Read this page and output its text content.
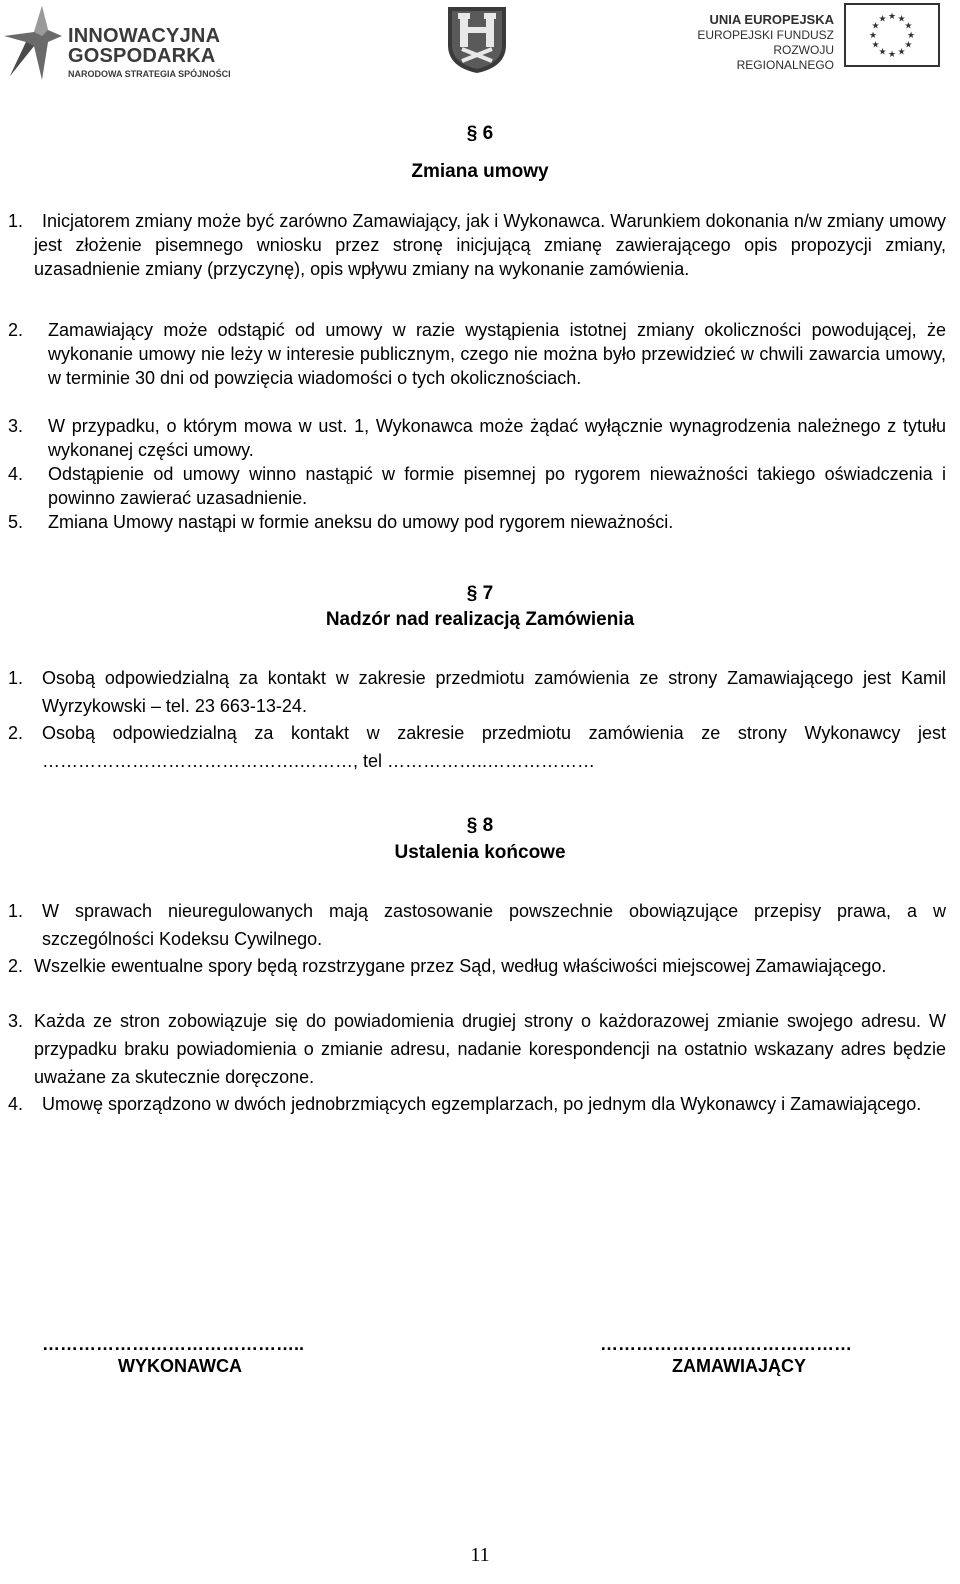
INNOWACYJNA
GOSPODARKA
NARODOWA STRATEGIA SPÓJNOŚCI
UNIA EUROPEJSKA
EUROPEJSKI FUNDUSZ
ROZWOJU REGIONALNEGO
★
★
★
★
★
★
★
★
★ ★ ★
★
§ 6
Zmiana umowy
1.	Inicjatorem zmiany może być zarówno Zamawiający, jak i Wykonawca. Warunkiem dokonania n/w zmiany umowy jest złożenie pisemnego wniosku przez stronę inicjującą zmianę zawierającego opis propozycji zmiany, uzasadnienie zmiany (przyczynę), opis wpływu zmiany na wykonanie zamówienia.
2. Zamawiający może odstąpić od umowy w razie wystąpienia istotnej zmiany okoliczności powodującej, że wykonanie umowy nie leży w interesie publicznym, czego nie można było przewidzieć w chwili zawarcia umowy, w terminie 30 dni od powzięcia wiadomości o tych okolicznościach.
3. W przypadku, o którym mowa w ust. 1, Wykonawca może żądać wyłącznie wynagrodzenia należnego z tytułu wykonanej części umowy.
4. Odstąpienie od umowy winno nastąpić w formie pisemnej po rygorem nieważności takiego oświadczenia i powinno zawierać uzasadnienie.
5. Zmiana Umowy nastąpi w formie aneksu do umowy pod rygorem nieważności.
§ 7
Nadzór nad realizacją Zamówienia
1. Osobą odpowiedzialną za kontakt w zakresie przedmiotu zamówienia ze strony Zamawiającego jest Kamil Wyrzykowski – tel. 23 663-13-24.
2. Osobą odpowiedzialną za kontakt w zakresie przedmiotu zamówienia ze strony Wykonawcy jest …………………………………….………, tel ……………..………………
§ 8
Ustalenia końcowe
1. W sprawach nieuregulowanych mają zastosowanie powszechnie obowiązujące przepisy prawa, a w szczególności Kodeksu Cywilnego.
2. Wszelkie ewentualne spory będą rozstrzygane przez Sąd, według właściwości miejscowej Zamawiającego.
3. Każda ze stron zobowiązuje się do powiadomienia drugiej strony o każdorazowej zmianie swojego adresu. W przypadku braku powiadomienia o zmianie adresu, nadanie korespondencji na ostatnio wskazany adres będzie uważane za skutecznie doręczone.
4. Umowę sporządzono w dwóch jednobrzmiących egzemplarzach, po jednym dla Wykonawcy i Zamawiającego.
……………………………………..
WYKONAWCA
……………………………………
ZAMAWIAJĄCY
11
